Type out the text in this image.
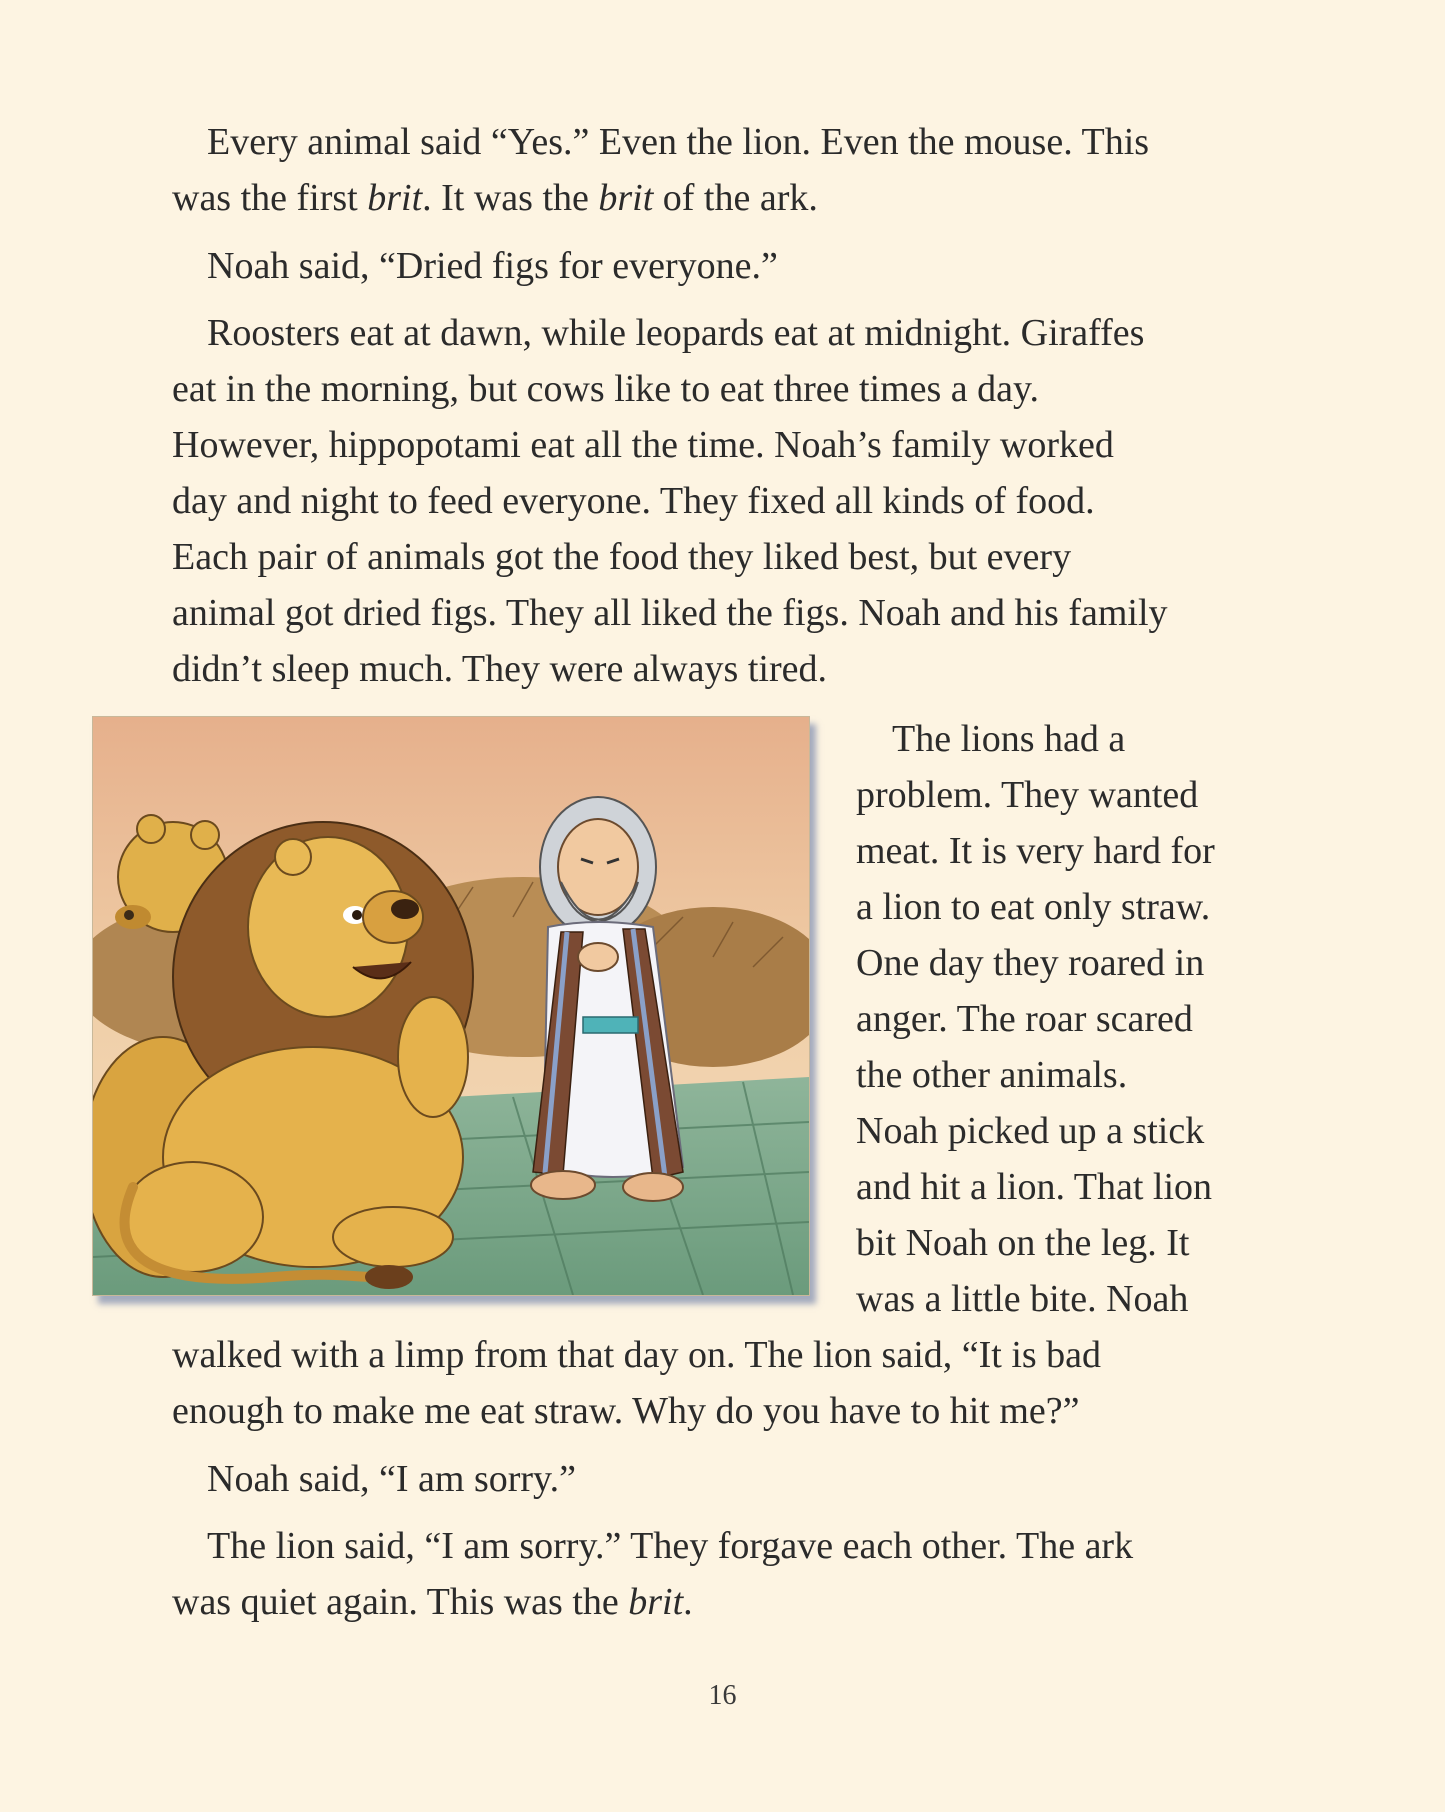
Every animal said “Yes.” Even the lion. Even the mouse. This

was the first brit. It was the brit of the ark.

Noah said, “Dried figs for everyone.”

Roosters eat at dawn, while leopards eat at midnight. Giraffes

eat in the morning, but cows like to eat three times a day.

However, hippopotami eat all the time. Noah’s family worked

day and night to feed everyone. They fixed all kinds of food.

Each pair of animals got the food they liked best, but every

animal got dried figs. They all liked the figs. Noah and his family

didn’t sleep much. They were always tired.

The lions had a

problem. They wanted

meat. It is very hard for

a lion to eat only straw.

One day they roared in

anger. The roar scared

the other animals.

Noah picked up a stick

and hit a lion. That lion

bit Noah on the leg. It

was a little bite. Noah

walked with a limp from that day on. The lion said, “It is bad

enough to make me eat straw. Why do you have to hit me?”

Noah said, “I am sorry.”

The lion said, “I am sorry.” They forgave each other. The ark

was quiet again. This was the brit.

16
